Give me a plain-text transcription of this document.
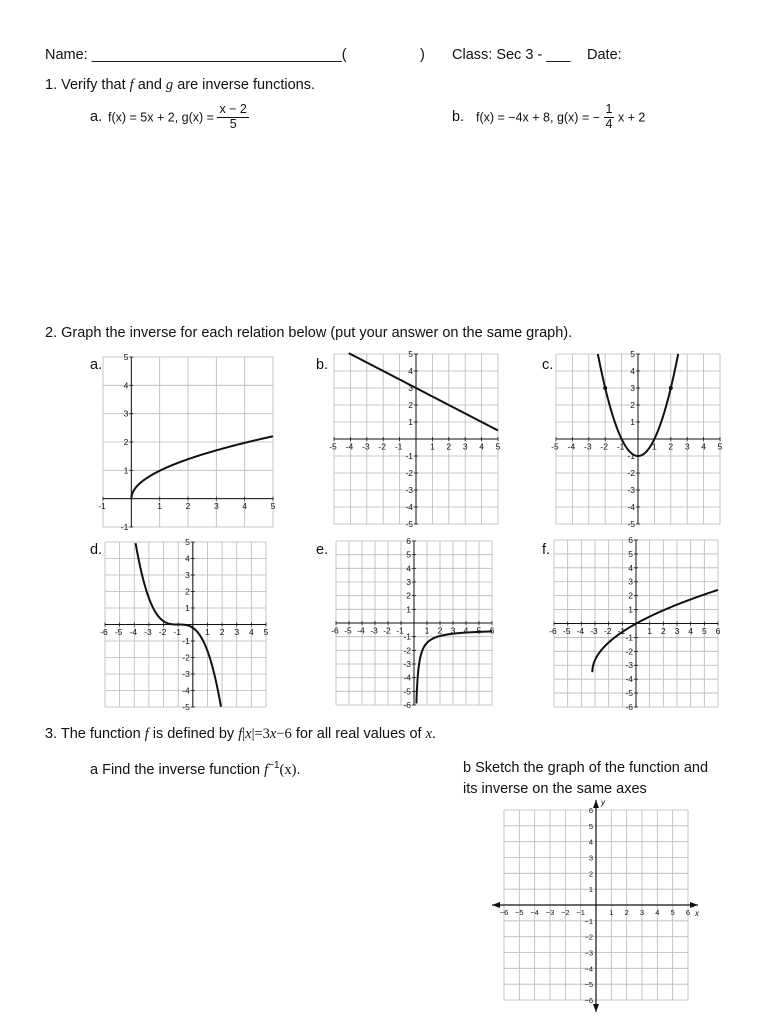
Name: _______________________________(	) Class: Sec 3 - ___ Date:
1. Verify that f and g are inverse functions.
a. f(x) = 5x + 2, $g(x) = \frac{x - 2}{5}$	b. f(x) = −4x + 8, g(x) = − $\frac{1}{4}$ x + 2
2. Graph the inverse for each relation below (put your answer on the same graph).
a.	b.	c.
d.	e.	f.
-1	1	2	3	4	5
-1
1
2
3
4
5
-5 -4 -3 -2 -1	1 2 3 4 5
-5
-4
-3
-2
-1
1
2
3
4
5
-5 -4 -3 -2 -1	1 2 3 4 5
-5
-4
-3
-2
-1
1
2
3
4
5
-6 -5 -4 -3 -2 -1	1 2 3 4 5
-5
-4
-3
-2
-1
1
2
3
4
5
-6 -5 -4 -3 -2 -1 1 2 3 4 5 6
-6
-5
-4
-3
-2
-1
1
2
3
4
5
6
-6 -5 -4 -3 -2 -1	1 2 3 4 5 6
-6
-5
-4
-3
-2
-1
1
2
3
4
5
6
3. The function f is defined by f|x|=3x−6 for all real values of x.
a Find the inverse function $f^{-1}(x)$.	b Sketch the graph of the function and
its inverse on the same axes
−6
−6
−5
−5
−4
−4
−3
−3
−2
−2
−1
−1
1
1
2
2
3
3
4
4
5
5
6
6
x
y
